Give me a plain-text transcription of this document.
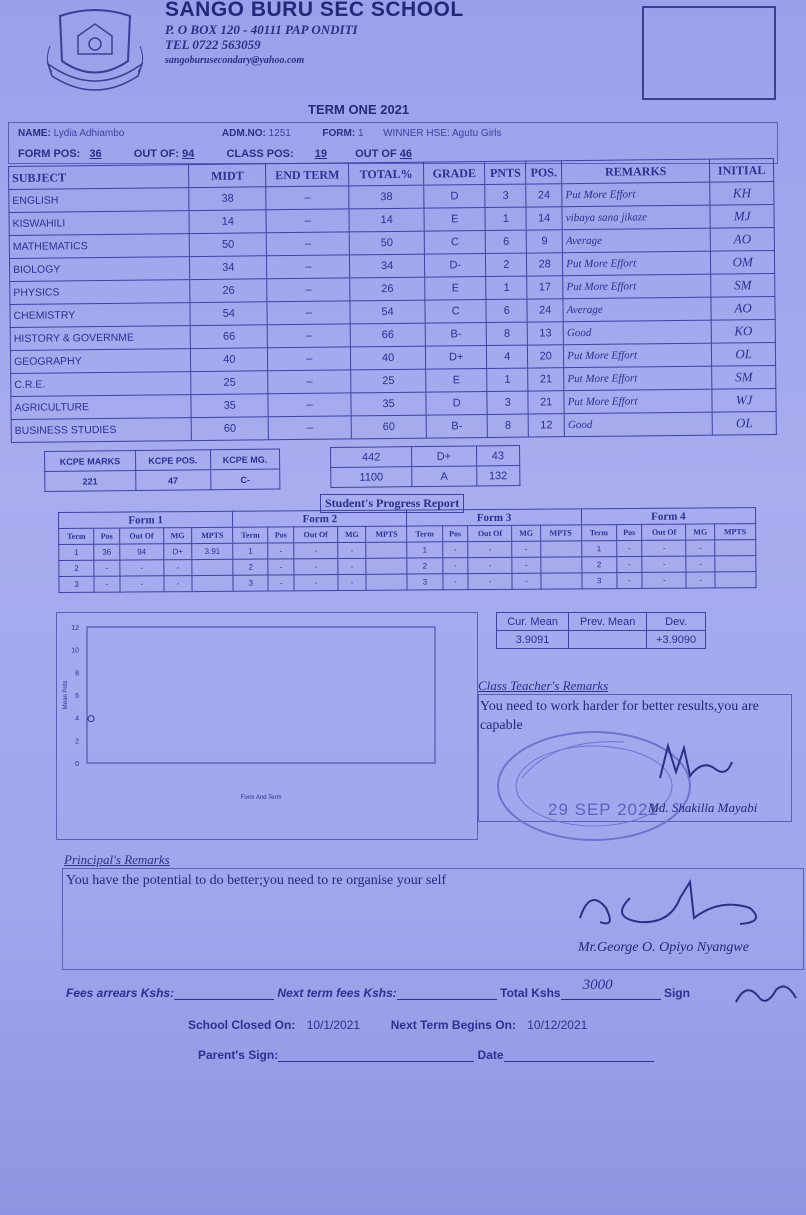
SANGO BURU SEC SCHOOL
P. O BOX 120 - 40111 PAP ONDITI
TEL 0722 563059
sangoburusecondary@yahoo.com
TERM ONE 2021
NAME: Lydia Adhiambo	ADM.NO: 1251	FORM: 1 WINNER HSE: Agutu Girls
FORM POS: 36	OUT OF: 94	CLASS POS: 19	OUT OF 46
SUBJECT	MIDT	END TERM	TOTAL%	GRADE	PNTS	POS.	REMARKS	INITIAL
ENGLISH	38	–	38	D	3	24	Put More Effort	KH
KISWAHILI	14	–	14	E	1	14	vibaya sana jikaze	MJ
MATHEMATICS	50	–	50	C	6	9	Average	AO
BIOLOGY	34	–	34	D-	2	28	Put More Effort	OM
PHYSICS	26	–	26	E	1	17	Put More Effort	SM
CHEMISTRY	54	–	54	C	6	24	Average	AO
HISTORY & GOVERNME	66	–	66	B-	8	13	Good	KO
GEOGRAPHY	40	–	40	D+	4	20	Put More Effort	OL
C.R.E.	25	–	25	E	1	21	Put More Effort	SM
AGRICULTURE	35	–	35	D	3	21	Put More Effort	WJ
BUSINESS STUDIES	60	–	60	B-	8	12	Good	OL
KCPE MARKS	KCPE POS.	KCPE MG.
221	47	C-
442	D+	43
1100	A	132
Student's Progress Report
Form 1					Form 2					Form 3					Form 4				
Term	Pos	Out Of	MG	MPTS	Term	Pos	Out Of	MG	MPTS	Term	Pos	Out Of	MG	MPTS	Term	Pos	Out Of	MG	MPTS
1	36	94	D+	3.91	1	-	-	-		1	-	-	-		1	-	-	-	
2	-	-	-		2	-	-	-		2	-	-	-		2	-	-	-	
3	-	-	-		3	-	-	-		3	-	-	-		3	-	-	-	
0
2
4
6
8
10
12
Form And Term
Mean Pnts
Cur. Mean	Prev. Mean	Dev.
3.9091		+3.9090
Class Teacher's Remarks
You need to work harder for better results,you are capable
29 SEP 2021
Md. Shakilla Mayabi
Principal's Remarks
You have the potential to do better;you need to re organise your self
Mr.George O. Opiyo Nyangwe
Fees arrears Kshs:	Next term fees Kshs:	Total Kshs 3000	Sign
School Closed On: 10/1/2021	Next Term Begins On: 10/12/2021
Parent's Sign:	Date
